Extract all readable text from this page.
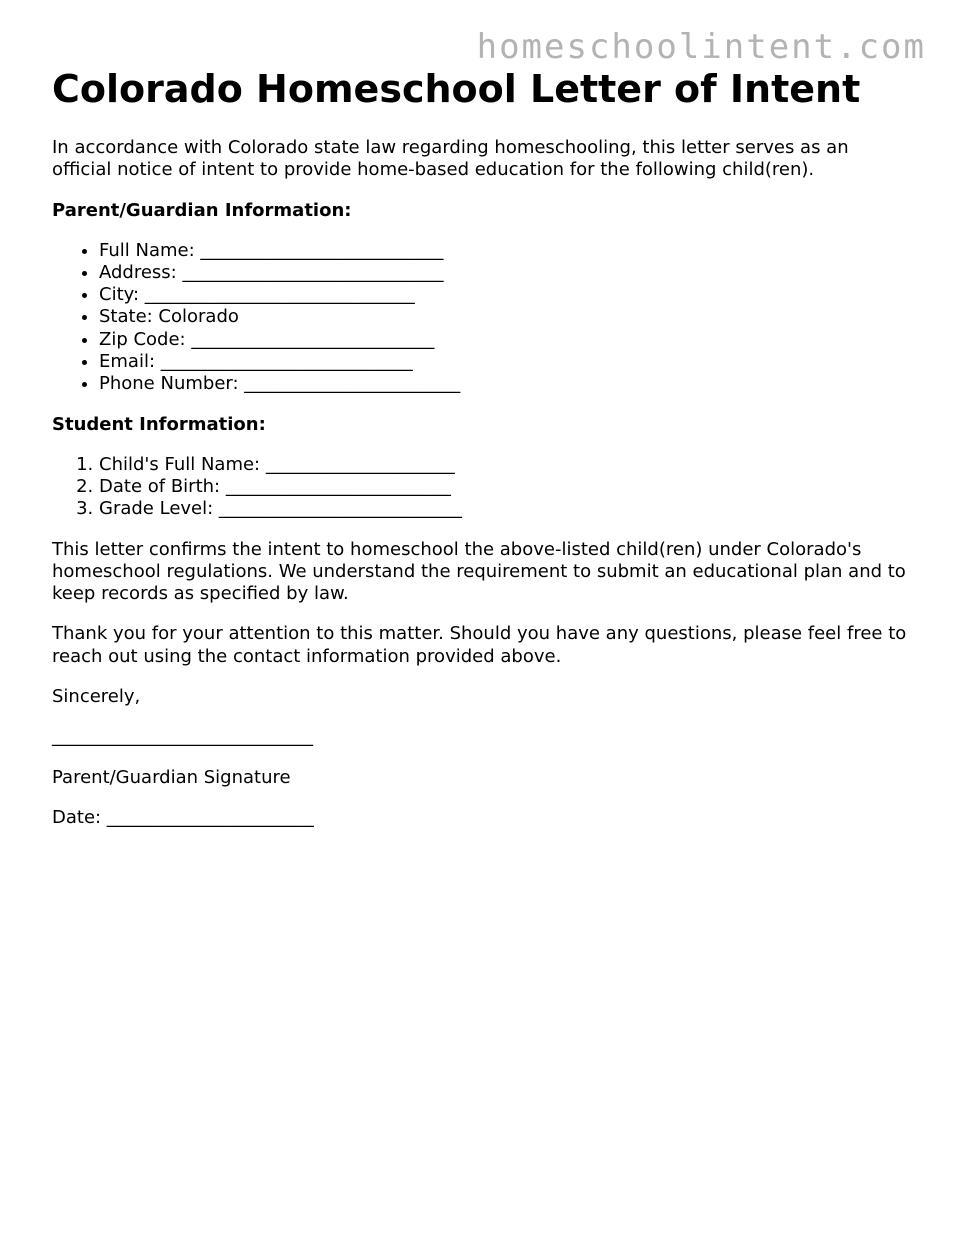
homeschoolintent.com
Colorado Homeschool Letter of Intent

In accordance with Colorado state law regarding homeschooling, this letter serves as an official notice of intent to provide home-based education for the following child(ren).

Parent/Guardian Information:

• Full Name: ___________________________
• Address: _____________________________
• City: ______________________________
• State: Colorado
• Zip Code: ___________________________
• Email: ____________________________
• Phone Number: ________________________

Student Information:

1. Child's Full Name: _____________________
2. Date of Birth: _________________________
3. Grade Level: ___________________________

This letter confirms the intent to homeschool the above-listed child(ren) under Colorado's homeschool regulations. We understand the requirement to submit an educational plan and to keep records as specified by law.

Thank you for your attention to this matter. Should you have any questions, please feel free to reach out using the contact information provided above.

Sincerely,

_____________________________

Parent/Guardian Signature

Date: _______________________
